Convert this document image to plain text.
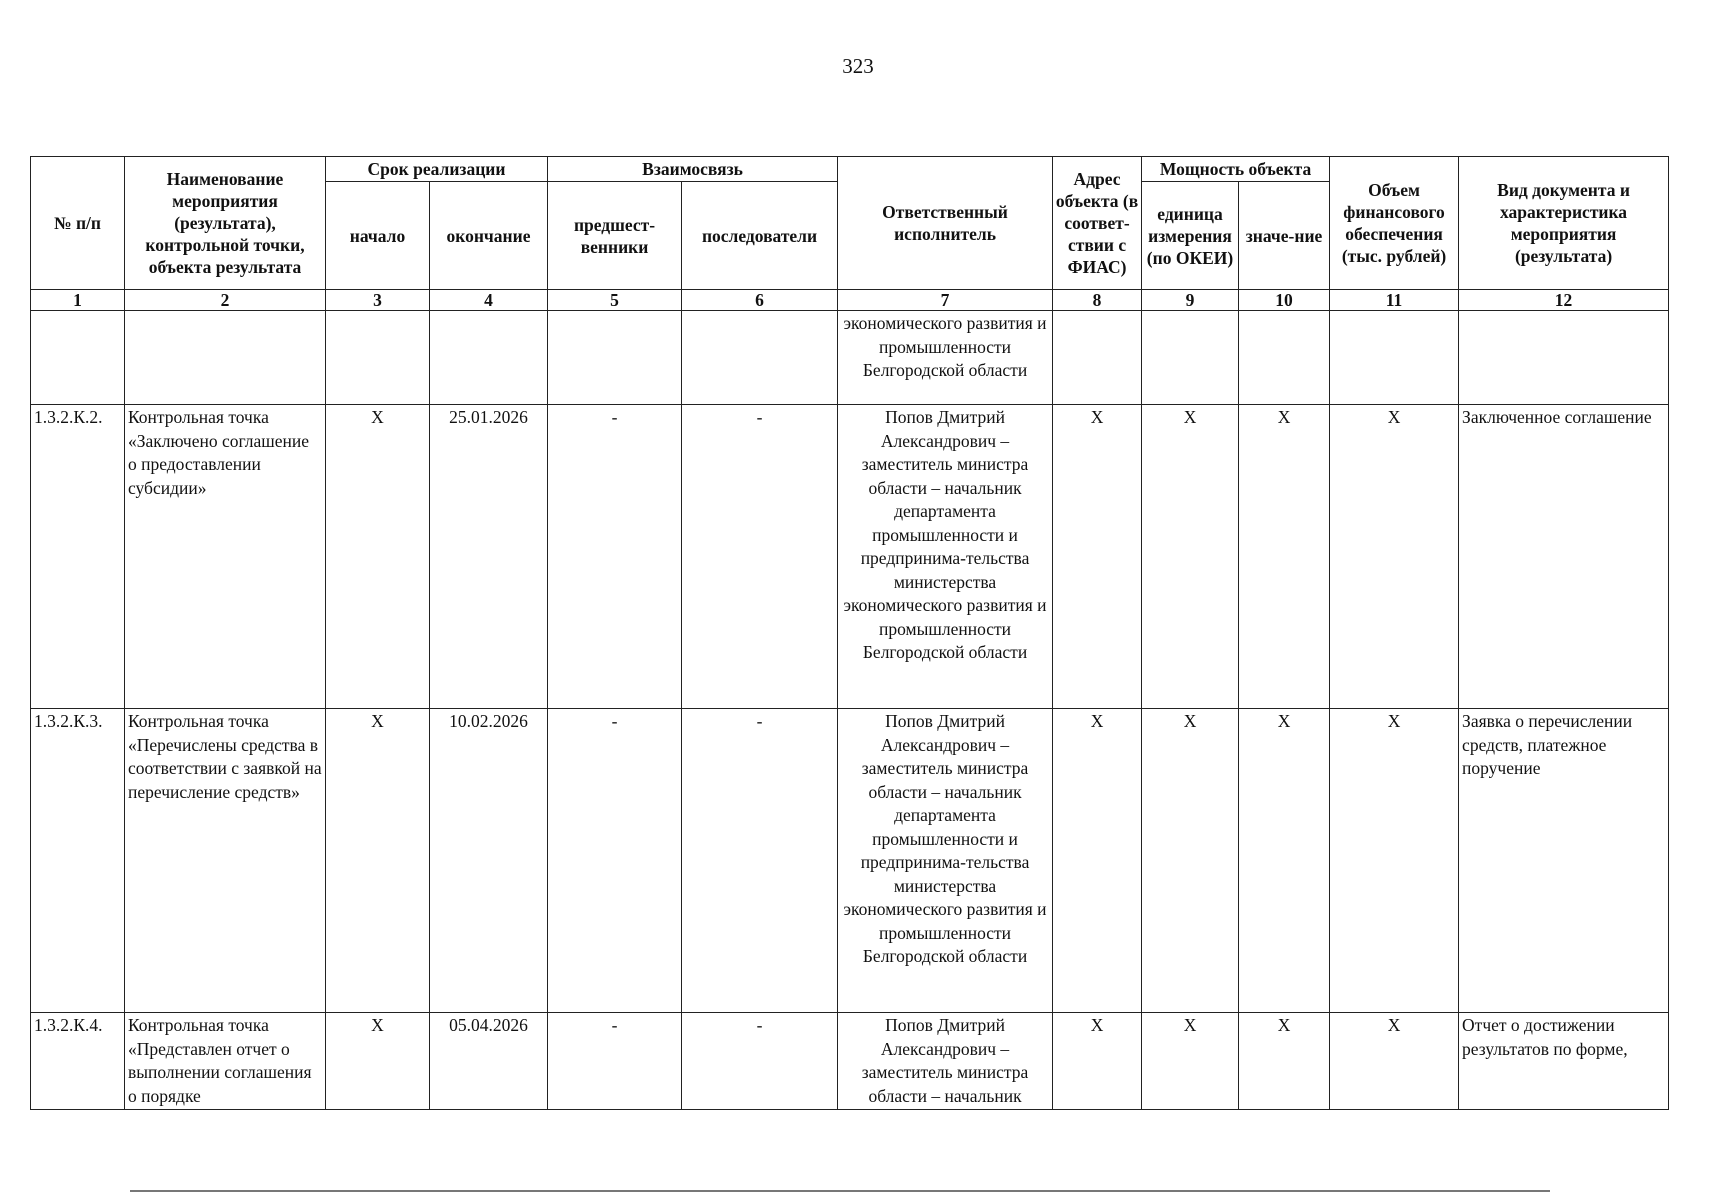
323
№ п/п	Наименование мероприятия (результата), контрольной точки, объекта результата	Срок реализации		Взаимосвязь		Ответственный исполнитель	Адрес объекта (в соответ-ствии с ФИАС)	Мощность объекта		Объем финансового обеспечения (тыс. рублей)	Вид документа и характеристика мероприятия (результата)
		начало	окончание	предшест-венники	последователи			единица измерения (по ОКЕИ)	значе-ние		
1	2	3	4	5	6	7	8	9	10	11	12
						экономического развития и промышленности Белгородской области					
1.3.2.К.2.	Контрольная точка «Заключено соглашение о предоставлении субсидии»	Х	25.01.2026	-	-	Попов Дмитрий Александрович – заместитель министра области – начальник департамента промышленности и предпринима-тельства министерства экономического развития и промышленности Белгородской области	Х	Х	Х	Х	Заключенное соглашение
1.3.2.К.3.	Контрольная точка «Перечислены средства в соответствии с заявкой на перечисление средств»	Х	10.02.2026	-	-	Попов Дмитрий Александрович – заместитель министра области – начальник департамента промышленности и предпринима-тельства министерства экономического развития и промышленности Белгородской области	Х	Х	Х	Х	Заявка о перечислении средств, платежное поручение
1.3.2.К.4.	Контрольная точка «Представлен отчет о выполнении соглашения о порядке	Х	05.04.2026	-	-	Попов Дмитрий Александрович – заместитель министра области – начальник	Х	Х	Х	Х	Отчет о достижении результатов по форме,
